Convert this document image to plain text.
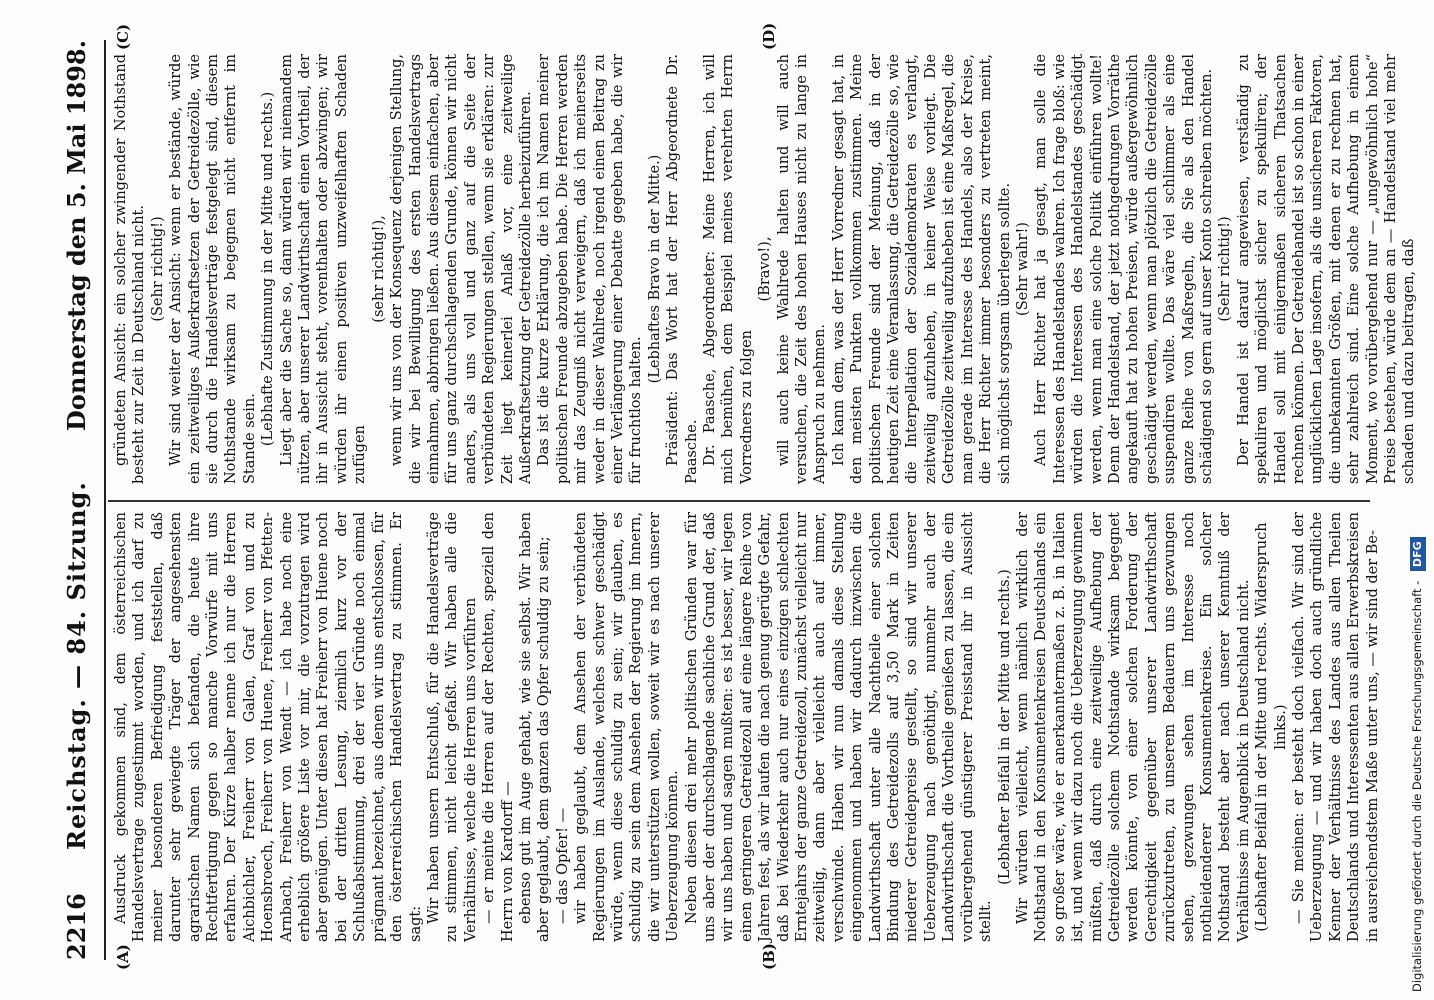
2216
Reichstag. — 84. Sitzung.
Donnerstag den 5. Mai 1898.
(A)	(B)
(C)	(D)

Ausdruck gekommen sind, dem österreichischen Handelsvertrage zugestimmt worden, und ich darf zu meiner besonderen Befriedigung feststellen, daß darunter sehr gewiegte Träger der angesehensten agrarischen Namen sich befanden, die heute ihre Rechtfertigung gegen so manche Vorwürfe mit uns erfahren. Der Kürze halber nenne ich nur die Herren Aichbichler, Freiherr von Galen, Graf von und zu Hoensbroech, Freiherr von Huene, Freiherr von Pfetten-Arnbach, Freiherr von Wendt — ich habe noch eine erheblich größere Liste vor mir, die vorzutragen wird aber genügen. Unter diesen hat Freiherr von Huene noch bei der dritten Lesung, ziemlich kurz vor der Schlußabstimmung, drei der vier Gründe noch einmal prägnant bezeichnet, aus denen wir uns entschlossen, für den österreichischen Handelsvertrag zu stimmen. Er sagt: Wir haben unsern Entschluß, für die Handelsverträge zu stimmen, nicht leicht gefaßt. Wir haben alle die Verhältnisse, welche die Herren uns vorführen — er meinte die Herren auf der Rechten, speziell den Herrn von Kardorff — ebenso gut im Auge gehabt, wie sie selbst. Wir haben aber geglaubt, dem ganzen das Opfer schuldig zu sein; — das Opfer! — wir haben geglaubt, dem Ansehen der verbündeten Regierungen im Auslande, welches schwer geschädigt würde, wenn diese schuldig zu sein; wir glauben, es schuldig zu sein dem Ansehen der Regierung im Innern, die wir unterstützen wollen, soweit wir es nach unserer Ueberzeugung können. Neben diesen drei mehr politischen Gründen war für uns aber der durchschlagende sachliche Grund der, daß wir uns haben und sagen mußten: es ist besser, wir legen einen geringeren Getreidezoll auf eine längere Reihe von Jahren fest, als wir laufen die nach genug gerügte Gefahr, daß bei Wiederkehr auch nur eines einzigen schlechten Erntejahrs der ganze Getreidezoll, zunächst vielleicht nur zeitweilig, dann aber vielleicht auch auf immer, verschwinde. Haben wir nun damals diese Stellung eingenommen und haben wir dadurch inzwischen die Landwirthschaft unter alle Nachtheile einer solchen Bindung des Getreidezolls auf 3,50 Mark in Zeiten niederer Getreidepreise gestellt, so sind wir unserer Ueberzeugung nach genöthigt, nunmehr auch der Landwirthschaft die Vortheile genießen zu lassen, die ein vorübergehend günstigerer Preisstand ihr in Aussicht stellt.

(Lebhafter Beifall in der Mitte und rechts.) Wir würden vielleicht, wenn nämlich wirklich der Nothstand in den Konsumentenkreisen Deutschlands ein so großer wäre, wie er anerkanntermaßen z. B. in Italien ist, und wenn wir dazu noch die Ueberzeugung gewinnen müßten, daß durch eine zeitweilige Aufhebung der Getreidezölle solchem Nothstande wirksam begegnet werden könnte, von einer solchen Forderung der Gerechtigkeit gegenüber unserer Landwirthschaft zurückzutreten, zu unserem Bedauern uns gezwungen sehen, gezwungen sehen im Interesse noch nothleidenderer Konsumentenkreise. Ein solcher Nothstand besteht aber nach unserer Kenntniß der Verhältnisse im Augenblick in Deutschland nicht. (Lebhafter Beifall in der Mitte und rechts. Widerspruch links.) — Sie meinen: er besteht doch vielfach. Wir sind der Ueberzeugung — und wir haben doch auch gründliche Kenner der Verhältnisse des Landes aus allen Theilen Deutschlands und Interessenten aus allen Erwerbskreisen in ausreichendstem Maße unter uns, — wir sind der Be-

gründeten Ansicht: ein solcher zwingender Nothstand besteht zur Zeit in Deutschland nicht. (Sehr richtig!) Wir sind weiter der Ansicht: wenn er bestände, würde ein zeitweiliges Außerkraftsetzen der Getreidezölle, wie sie durch die Handelsverträge festgelegt sind, diesem Nothstande wirksam zu begegnen nicht entfernt im Stande sein. (Lebhafte Zustimmung in der Mitte und rechts.) Liegt aber die Sache so, dann würden wir niemandem nützen, aber unserer Landwirthschaft einen Vortheil, der ihr in Aussicht steht, vorenthalten oder abzwingen; wir würden ihr einen positiven unzweifelhaften Schaden zufügen

(sehr richtig!), wenn wir uns von der Konsequenz derjenigen Stellung, die wir bei Bewilligung des ersten Handelsvertrags einnahmen, abbringen ließen. Aus diesem einfachen, aber für uns ganz durchschlagenden Grunde, können wir nicht anders, als uns voll und ganz auf die Seite der verbündeten Regierungen stellen, wenn sie erklären: zur Zeit liegt keinerlei Anlaß vor, eine zeitweilige Außerkraftsetzung der Getreidezölle herbeizuführen. Das ist die kurze Erklärung, die ich im Namen meiner politischen Freunde abzugeben habe. Die Herren werden mir das Zeugniß nicht verweigern, daß ich meinerseits weder in dieser Wahlrede, noch irgend einen Beitrag zu einer Verlängerung einer Debatte gegeben habe, die wir für fruchtlos halten.

(Lebhaftes Bravo in der Mitte.) Präsident: Das Wort hat der Herr Abgeordnete Dr. Paasche. Dr. Paasche, Abgeordneter: Meine Herren, ich will mich bemühen, dem Beispiel meines verehrten Herrn Vorredners zu folgen

(Bravo!), will auch keine Wahlrede halten und will auch versuchen, die Zeit des hohen Hauses nicht zu lange in Anspruch zu nehmen. Ich kann dem, was der Herr Vorredner gesagt hat, in den meisten Punkten vollkommen zustimmen. Meine politischen Freunde sind der Meinung, daß in der heutigen Zeit eine Veranlassung, die Getreidezölle so, wie die Interpellation der Sozialdemokraten es verlangt, zeitweilig aufzuheben, in keiner Weise vorliegt. Die Getreidezölle zeitweilig aufzuheben ist eine Maßregel, die man gerade im Interesse des Handels, also der Kreise, die Herr Richter immer besonders zu vertreten meint, sich möglichst sorgsam überlegen sollte. (Sehr wahr!) Auch Herr Richter hat ja gesagt, man solle die Interessen des Handelstandes wahren. Ich frage bloß: wie würden die Interessen des Handelstandes geschädigt werden, wenn man eine solche Politik einführen wollte! Denn der Handelstand, der jetzt nothgedrungen Vorräthe angekauft hat zu hohen Preisen, würde außergewöhnlich geschädigt werden, wenn man plötzlich die Getreidezölle suspendiren wollte. Das wäre viel schlimmer als eine ganze Reihe von Maßregeln, die Sie als den Handel schädigend so gern auf unser Konto schreiben möchten. (Sehr richtig!) Der Handel ist darauf angewiesen, verständig zu spekuliren und möglichst sicher zu spekuliren; der Handel soll mit einigermaßen sicheren Thatsachen rechnen können. Der Getreidehandel ist so schon in einer unglücklichen Lage insofern, als die unsicheren Faktoren, die unbekannten Größen, mit denen er zu rechnen hat, sehr zahlreich sind. Eine solche Aufhebung in einem Moment, wo vorübergehend nur — „ungewöhnlich hohe“ Preise bestehen, würde dem an — Handelstand viel mehr schaden und dazu beitragen, daß

Digitalisierung gefördert durch die Deutsche Forschungsgemeinschaft - DFG
